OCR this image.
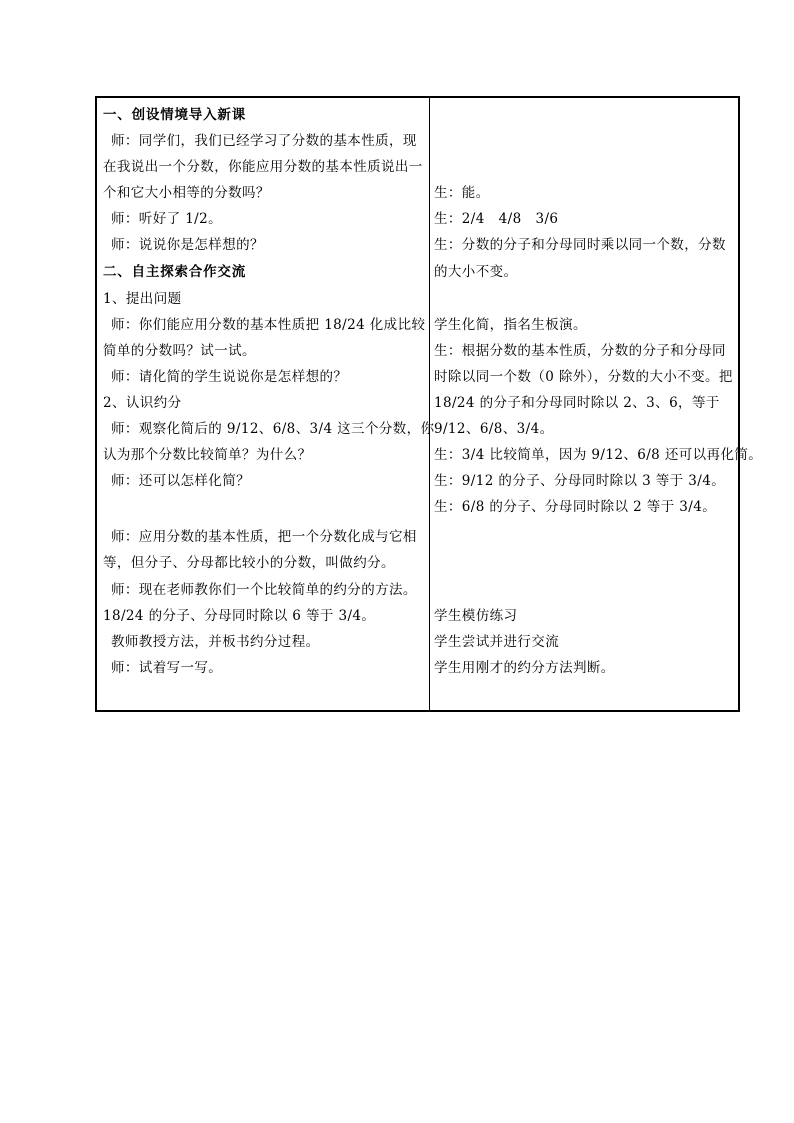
一、创设情境导入新课
师：同学们，我们已经学习了分数的基本性质，现
在我说出一个分数，你能应用分数的基本性质说出一
个和它大小相等的分数吗？
师：听好了 1/2。
师：说说你是怎样想的？
二、自主探索合作交流
1、提出问题
师：你们能应用分数的基本性质把 18/24 化成比较
简单的分数吗？试一试。
师：请化简的学生说说你是怎样想的？
2、认识约分
师：观察化简后的 9/12、6/8、3/4 这三个分数，你
认为那个分数比较简单？为什么？
师：还可以怎样化简？
师：应用分数的基本性质，把一个分数化成与它相
等，但分子、分母都比较小的分数，叫做约分。
师：现在老师教你们一个比较简单的约分的方法。
18/24 的分子、分母同时除以 6 等于 3/4。
教师教授方法，并板书约分过程。
师：试着写一写。
生：能。
生：2/4　4/8　3/6
生：分数的分子和分母同时乘以同一个数，分数
的大小不变。
学生化简，指名生板演。
生：根据分数的基本性质，分数的分子和分母同
时除以同一个数（0 除外），分数的大小不变。把
18/24 的分子和分母同时除以 2、3、6，等于
9/12、6/8、3/4。
生：3/4 比较简单，因为 9/12、6/8 还可以再化简。
生：9/12 的分子、分母同时除以 3 等于 3/4。
生：6/8 的分子、分母同时除以 2 等于 3/4。
学生模仿练习
学生尝试并进行交流
学生用刚才的约分方法判断。
